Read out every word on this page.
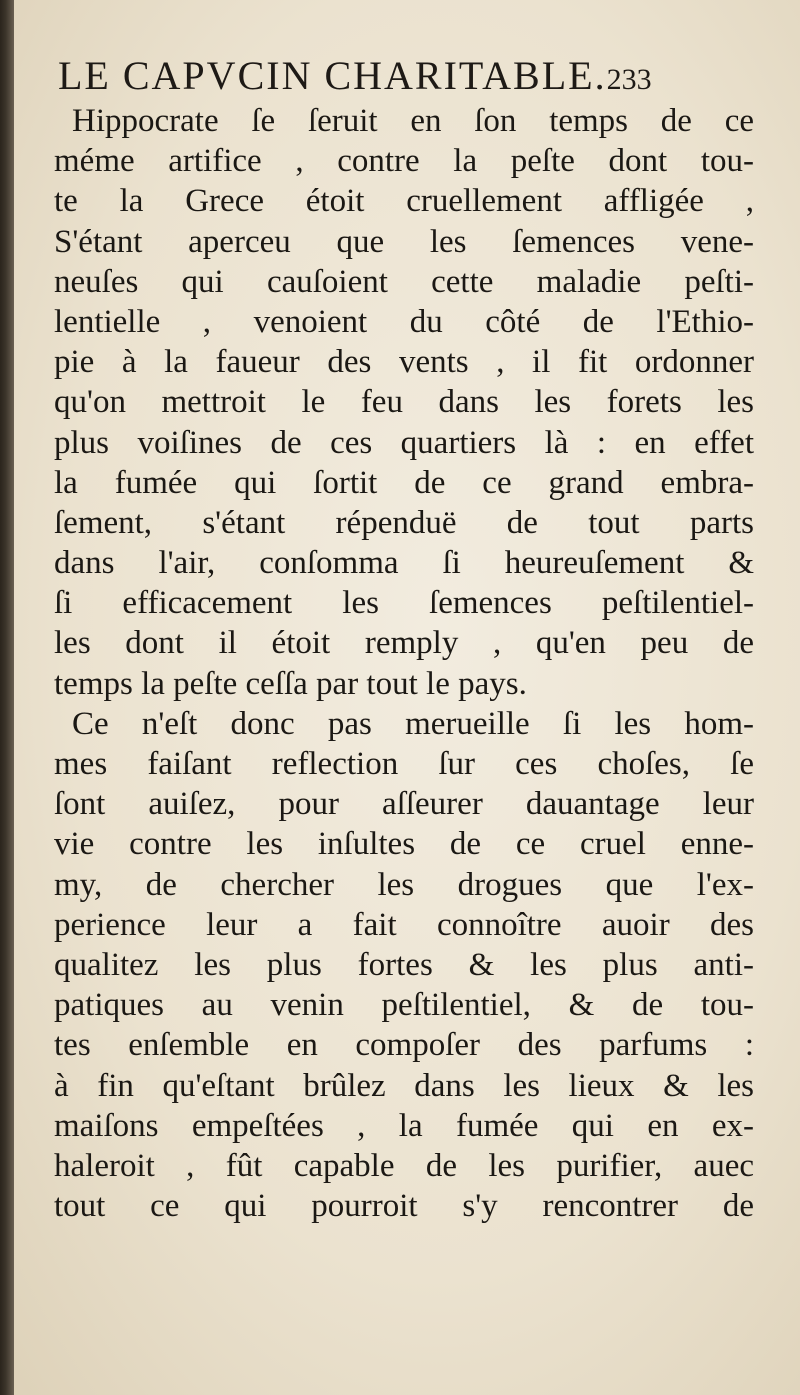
LE CAPVCIN CHARITABLE.233
Hippocrate ſe ſeruit en ſon temps de ce
méme artifice , contre la peſte dont tou-
te la Grece étoit cruellement affligée ,
S'étant aperceu que les ſemences vene-
neuſes qui cauſoient cette maladie peſti-
lentielle , venoient du côté de l'Ethio-
pie à la faueur des vents , il fit ordonner
qu'on mettroit le feu dans les forets les
plus voiſines de ces quartiers là : en effet
la fumée qui ſortit de ce grand embra-
ſement, s'étant répenduë de tout parts
dans l'air, conſomma ſi heureuſement &
ſi efficacement les ſemences peſtilentiel-
les dont il étoit remply , qu'en peu de
temps la peſte ceſſa par tout le pays.
Ce n'eſt donc pas merueille ſi les hom-
mes faiſant reflection ſur ces choſes, ſe
ſont auiſez, pour aſſeurer dauantage leur
vie contre les inſultes de ce cruel enne-
my, de chercher les drogues que l'ex-
perience leur a fait connoître auoir des
qualitez les plus fortes & les plus anti-
patiques au venin peſtilentiel, & de tou-
tes enſemble en compoſer des parfums :
à fin qu'eſtant brûlez dans les lieux & les
maiſons empeſtées , la fumée qui en ex-
haleroit , fût capable de les purifier, auec
tout ce qui pourroit s'y rencontrer de
